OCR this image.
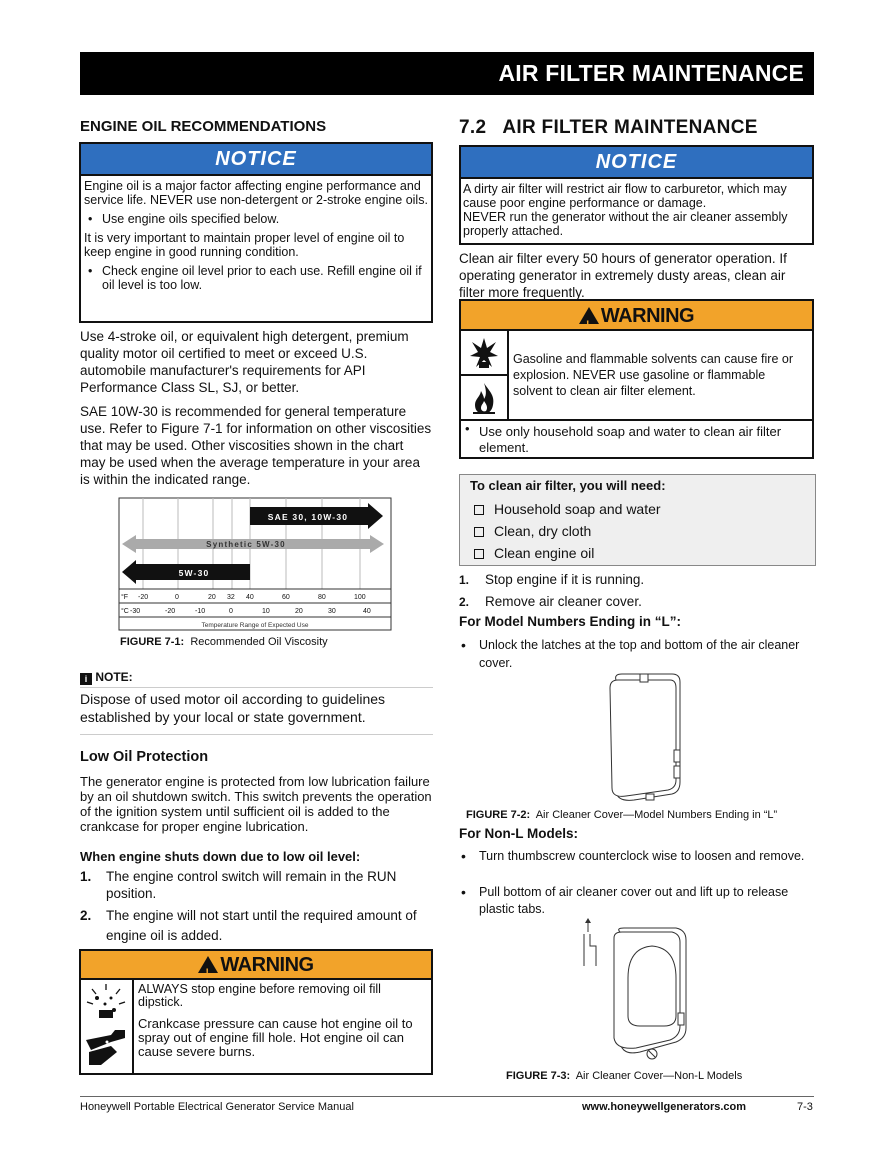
AIR FILTER MAINTENANCE
ENGINE OIL RECOMMENDATIONS
NOTICE

Engine oil is a major factor affecting engine performance and service life. NEVER use non-detergent or 2-stroke engine oils.

• Use engine oils specified below.

It is very important to maintain proper level of engine oil to keep engine in good running condition.

• Check engine oil level prior to each use. Refill engine oil if oil level is too low.

Use 4-stroke oil, or equivalent high detergent, premium quality motor oil certified to meet or exceed U.S. automobile manufacturer's requirements for API Performance Class SL, SJ, or better.
SAE 10W-30 is recommended for general temperature use. Refer to Figure 7-1 for information on other viscosities that may be used. Other viscosities shown in the chart may be used when the average temperature in your area is within the indicated range.
SAE 30, 10W-30
Synthetic 5W-30
5W-30
°F -20	0	20 32 40	60	80	100
°C -30	-20	-10	0	10	20	30	40
Temperature Range of Expected Use
FIGURE 7-1: Recommended Oil Viscosity
i NOTE:
Dispose of used motor oil according to guidelines established by your local or state government.
Low Oil Protection
The generator engine is protected from low lubrication failure by an oil shutdown switch. This switch prevents the operation of the ignition system until sufficient oil is added to the crankcase for proper engine lubrication.
When engine shuts down due to low oil level:
1.	The engine control switch will remain in the RUN position.
2.	The engine will not start until the required amount of engine oil is added.
!WARNING

ALWAYS stop engine before removing oil fill dipstick.

Crankcase pressure can cause hot engine oil to spray out of engine fill hole. Hot engine oil can cause severe burns.

7.2   AIR FILTER MAINTENANCE
NOTICE

A dirty air filter will restrict air flow to carburetor, which may cause poor engine performance or damage.

NEVER run the generator without the air cleaner assembly properly attached.

Clean air filter every 50 hours of generator operation. If operating generator in extremely dusty areas, clean air filter more frequently.
!WARNING
Gasoline and flammable solvents can cause fire or explosion. NEVER use gasoline or flammable solvent to clean air filter element.
• Use only household soap and water to clean air filter element.
To clean air filter, you will need:
Household soap and water
Clean, dry cloth
Clean engine oil
1. Stop engine if it is running.
2. Remove air cleaner cover.
For Model Numbers Ending in “L”:
• Unlock the latches at the top and bottom of the air cleaner cover.
FIGURE 7-2: Air Cleaner Cover—Model Numbers Ending in “L”
For Non-L Models:
• Turn thumbscrew counterclock wise to loosen and remove.
• Pull bottom of air cleaner cover out and lift up to release plastic tabs.
FIGURE 7-3: Air Cleaner Cover—Non-L Models
Honeywell Portable Electrical Generator Service Manual	www.honeywellgenerators.com	7-3
